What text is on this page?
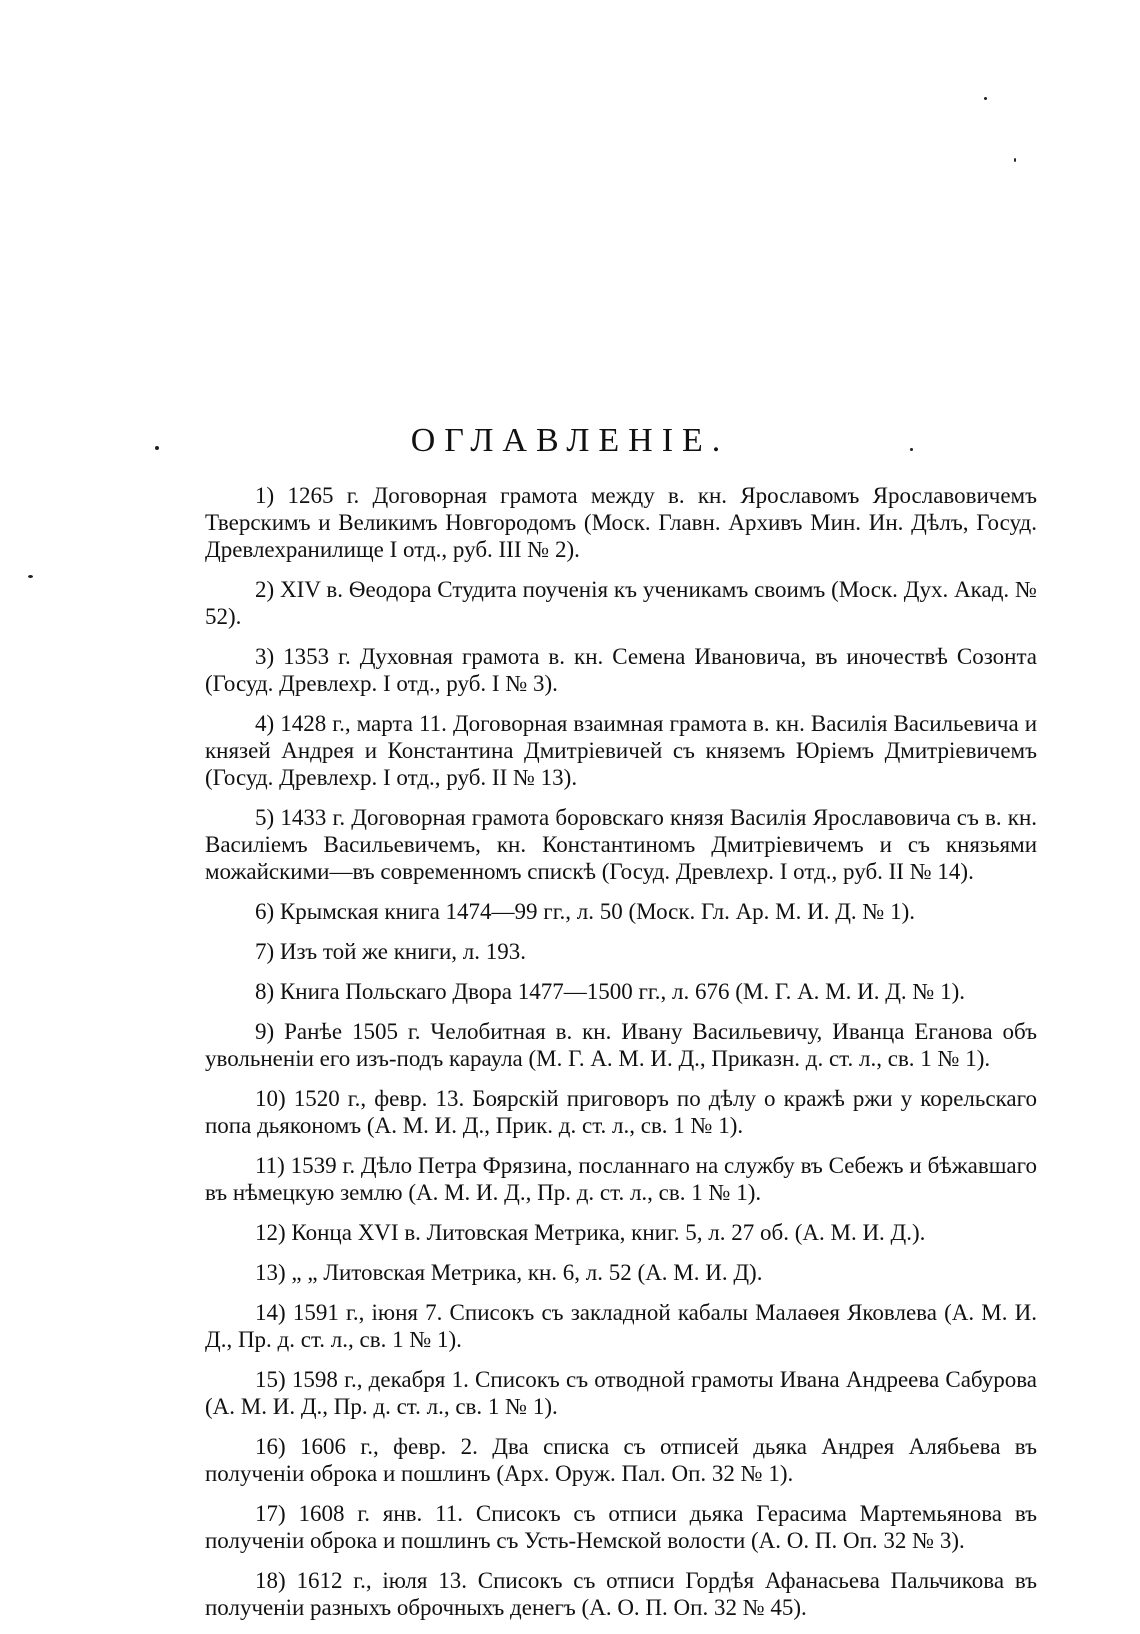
ОГЛАВЛЕНІЕ.
1) 1265 г. Договорная грамота между в. кн. Ярославомъ Ярославовичемъ Тверскимъ и Великимъ Новгородомъ (Моск. Главн. Архивъ Мин. Ин. Дѣлъ, Госуд. Древлехранилище I отд., руб. III № 2).
2) XIV в. Ѳеодора Студита поученія къ ученикамъ своимъ (Моск. Дух. Акад. № 52).
3) 1353 г. Духовная грамота в. кн. Семена Ивановича, въ иночествѣ Созонта (Госуд. Древлехр. I отд., руб. I № 3).
4) 1428 г., марта 11. Договорная взаимная грамота в. кн. Василія Васильевича и князей Андрея и Константина Дмитріевичей съ княземъ Юріемъ Дмитріевичемъ (Госуд. Древлехр. I отд., руб. II № 13).
5) 1433 г. Договорная грамота боровскаго князя Василія Ярославовича съ в. кн. Василіемъ Васильевичемъ, кн. Константиномъ Дмитріевичемъ и съ князьями можайскими—въ современномъ спискѣ (Госуд. Древлехр. I отд., руб. II № 14).
6) Крымская книга 1474—99 гг., л. 50 (Моск. Гл. Ар. М. И. Д. № 1).
7) Изъ той же книги, л. 193.
8) Книга Польскаго Двора 1477—1500 гг., л. 676 (М. Г. А. М. И. Д. № 1).
9) Ранѣе 1505 г. Челобитная в. кн. Ивану Васильевичу, Иванца Еганова объ увольненіи его изъ-подъ караула (М. Г. А. М. И. Д., Приказн. д. ст. л., св. 1 № 1).
10) 1520 г., февр. 13. Боярскій приговоръ по дѣлу о кражѣ ржи у корельскаго попа дьякономъ (А. М. И. Д., Прик. д. ст. л., св. 1 № 1).
11) 1539 г. Дѣло Петра Фрязина, посланнаго на службу въ Себежъ и бѣжавшаго въ нѣмецкую землю (А. М. И. Д., Пр. д. ст. л., св. 1 № 1).
12) Конца XVI в. Литовская Метрика, книг. 5, л. 27 об. (А. М. И. Д.).
13) „ „ Литовская Метрика, кн. 6, л. 52 (А. М. И. Д).
14) 1591 г., іюня 7. Списокъ съ закладной кабалы Малаѳея Яковлева (А. М. И. Д., Пр. д. ст. л., св. 1 № 1).
15) 1598 г., декабря 1. Списокъ съ отводной грамоты Ивана Андреева Сабурова (А. М. И. Д., Пр. д. ст. л., св. 1 № 1).
16) 1606 г., февр. 2. Два списка съ отписей дьяка Андрея Алябьева въ полученіи оброка и пошлинъ (Арх. Оруж. Пал. Оп. 32 № 1).
17) 1608 г. янв. 11. Списокъ съ отписи дьяка Герасима Мартемьянова въ полученіи оброка и пошлинъ съ Усть-Немской волости (А. О. П. Оп. 32 № 3).
18) 1612 г., іюля 13. Списокъ съ отписи Гордѣя Афанасьева Пальчикова въ полученіи разныхъ оброчныхъ денегъ (А. О. П. Оп. 32 № 45).
